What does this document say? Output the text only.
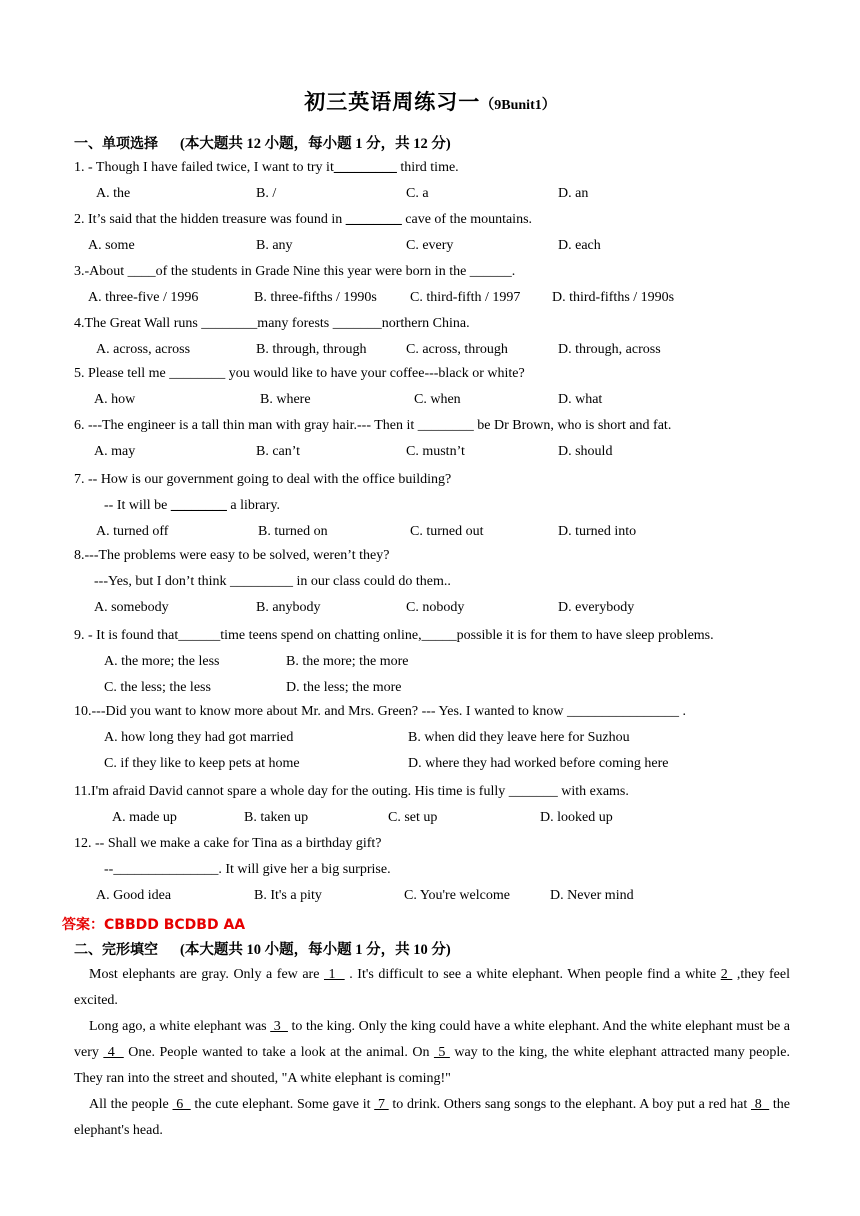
初三英语周练习一（9Bunit1）
一、单项选择 (本大题共 12 小题，每小题 1 分，共 12 分)
1. - Though I have failed twice, I want to try it_________ third time.
A. the	B. /	C. a	D. an
2. It’s said that the hidden treasure was found in ________ cave of the mountains.
A. some	B. any	C. every	D. each
3.-About ____of the students in Grade Nine this year were born in the ______.
A. three-five / 1996	B. three-fifths / 1990s C. third-fifth / 1997 D. third-fifths / 1990s
4.The Great Wall runs ________many forests _______northern China.
A. across, across	B. through, through	C. across, through	D. through, across
5. Please tell me ________ you would like to have your coffee---black or white?
A. how	B. where	C. when	D. what
6. ---The engineer is a tall thin man with gray hair.--- Then it ________ be Dr Brown, who is short and fat.
A. may	B. can’t	C. mustn’t	D. should
7. -- How is our government going to deal with the office building?
-- It will be ________ a library.
A. turned off	B. turned on	C. turned out	D. turned into
8.---The problems were easy to be solved, weren’t they?
---Yes, but I don’t think _________ in our class could do them..
A. somebody	B. anybody	C. nobody	D. everybody
9. - It is found that______time teens spend on chatting online,_____possible it is for them to have sleep problems.
A. the more; the less	B. the more; the more
C. the less; the less	D. the less; the more
10.---Did you want to know more about Mr. and Mrs. Green? --- Yes. I wanted to know ________________ .
A. how long they had got married	B. when did they leave here for Suzhou
C. if they like to keep pets at home	D. where they had worked before coming here
11.I'm afraid David cannot spare a whole day for the outing. His time is fully _______ with exams.
A. made up	B. taken up	C. set up	D. looked up
12. -- Shall we make a cake for Tina as a birthday gift?
--_______________. It will give her a big surprise.
A. Good idea	B. It's a pity	C. You're welcome	D. Never mind
答案：CBBDD BCDBD AA
二、完形填空 (本大题共 10 小题，每小题 1 分，共 10 分)
Most elephants are gray. Only a few are  1   . It's difficult to see a white elephant. When people find a white 2  ,they feel excited.
Long ago, a white elephant was  3   to the king. Only the king could have a white elephant. And the white elephant must be a very  4   One. People wanted to take a look at the animal. On  5  way to the king, the white elephant attracted many people. They ran into the street and shouted, "A white elephant is coming!"
All the people  6   the cute elephant. Some gave it  7  to drink. Others sang songs to the elephant. A boy put a red hat  8   the elephant's head.
